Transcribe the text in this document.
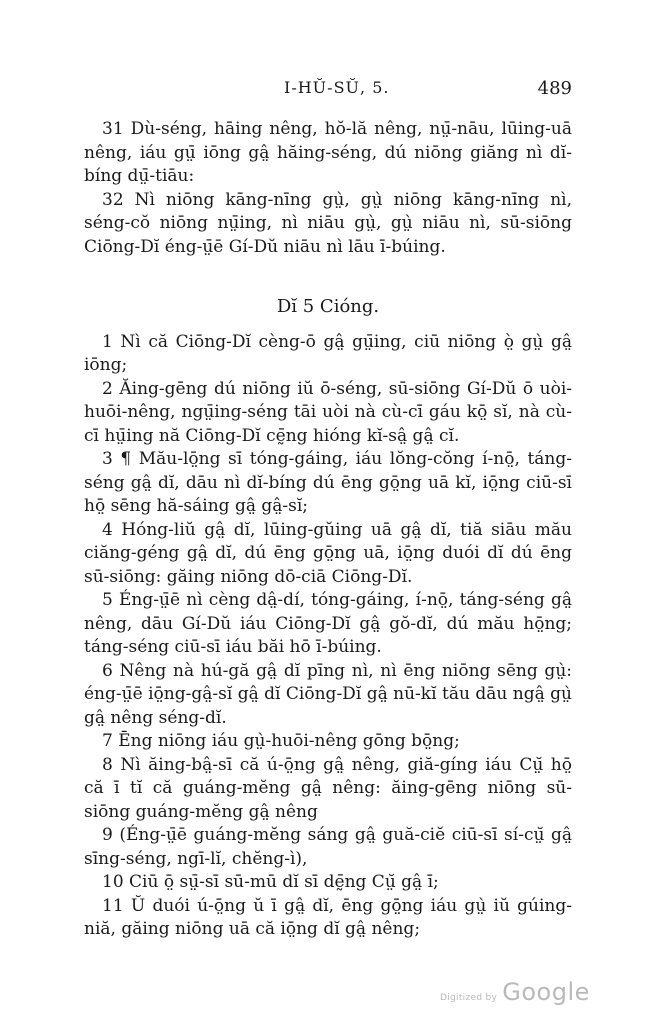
I-HŬ-SŬ, 5.	489

31 Dù-séng, hāing nêng, hŏ-lă nêng, nṳ̄-nāu, lūing-uā nêng, iáu gṳ̄ iōng gâ̤ hăing-séng, dú niōng giăng nì dĭ-bíng dṳ̄-tiāu:

32 Nì niōng kāng-nīng gṳ̀, gṳ̀ niōng kāng-nīng nì, séng-cŏ niōng nṳ̄ing, nì niāu gṳ̀, gṳ̀ niāu nì, sū-siōng Ciōng-Dĭ éng-ṳ̄ē Gí-Dŭ niāu nì lāu ī-búing.

Dĭ 5 Cióng.

1 Nì că Ciōng-Dĭ cèng-ō gâ̤ gṳ̄ing, ciū niōng ò̤ gṳ̀ gâ̤ iōng;

2 Ăing-gēng dú niōng iŭ ō-séng, sū-siōng Gí-Dŭ ō uòi-huōi-nêng, ngṳ̄ing-séng tāi uòi nà cù-cī gáu kō̤ sĭ, nà cù-cī hṳ̄ing nă Ciōng-Dĭ cḛ̄ng hióng kĭ-sâ̤ gâ̤ cĭ.

3 ¶ Mău-lō̤ng sī tóng-gáing, iáu lŏng-cŏng í-nō̤, táng-séng gâ̤ dĭ, dāu nì dĭ-bíng dú ēng gō̤ng uā kĭ, iō̤ng ciū-sī hō̤ sēng hă-sáing gâ̤ gâ̤-sĭ;

4 Hóng-liŭ gâ̤ dĭ, lūing-gŭing uā gâ̤ dĭ, tiă siāu mău ciăng-géng gâ̤ dĭ, dú ēng gō̤ng uā, iō̤ng duói dĭ dú ēng sū-siōng: găing niōng dō-ciā Ciōng-Dĭ.

5 Éng-ṳ̄ē nì cèng dâ̤-dí, tóng-gáing, í-nō̤, táng-séng gâ̤ nêng, dāu Gí-Dŭ iáu Ciōng-Dĭ gâ̤ gŏ-dĭ, dú mău hō̤ng; táng-séng ciū-sī iáu băi hō ī-búing.

6 Nêng nà hú-gă gâ̤ dĭ pīng nì, nì ēng niōng sēng gṳ̀: éng-ṳ̄ē iō̤ng-gâ̤-sĭ gâ̤ dĭ Ciōng-Dĭ gâ̤ nū-kĭ tău dāu ngâ̤ gṳ̀ gâ̤ nêng séng-dĭ.

7 Ēng niōng iáu gṳ̀-huōi-nêng gōng bō̤ng;

8 Nì ăing-bâ̤-sī că ú-ō̤ng gâ̤ nêng, giă-gíng iáu Cṳ̆ hō̤ că ī tĭ că guáng-mĕng gâ̤ nêng: ăing-gēng niōng sū-siōng guáng-mĕng gâ̤ nêng

9 (Éng-ṳ̄ē guáng-mĕng sáng gâ̤ guă-ciĕ ciū-sī sí-cṳ̆ gâ̤ sīng-séng, ngī-lĭ, chĕng-ì),

10 Ciū ō̤ sṳ̄-sī sū-mū dĭ sī dḛ̄ng Cṳ̆ gâ̤ ī;

11 Ŭ duói ú-ō̤ng ŭ ī gâ̤ dĭ, ēng gō̤ng iáu gṳ̀ iŭ gúing-niă, găing niōng uā că iō̤ng dĭ gâ̤ nêng;

Digitized by Google
